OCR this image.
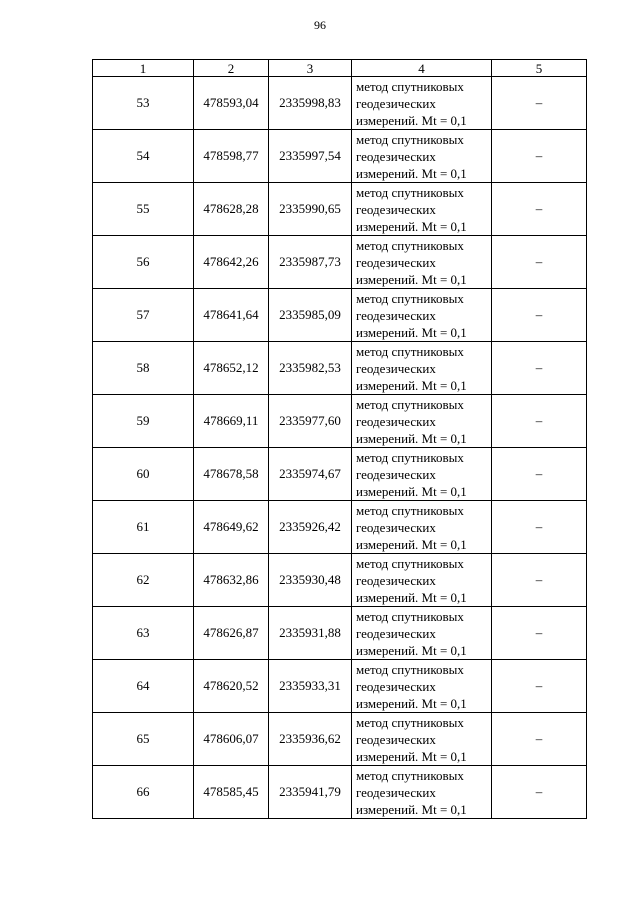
96
1	2	3	4	5
53	478593,04	2335998,83	метод спутниковых
геодезических
измерений. Mt = 0,1	–
54	478598,77	2335997,54	метод спутниковых
геодезических
измерений. Mt = 0,1	–
55	478628,28	2335990,65	метод спутниковых
геодезических
измерений. Mt = 0,1	–
56	478642,26	2335987,73	метод спутниковых
геодезических
измерений. Mt = 0,1	–
57	478641,64	2335985,09	метод спутниковых
геодезических
измерений. Mt = 0,1	–
58	478652,12	2335982,53	метод спутниковых
геодезических
измерений. Mt = 0,1	–
59	478669,11	2335977,60	метод спутниковых
геодезических
измерений. Mt = 0,1	–
60	478678,58	2335974,67	метод спутниковых
геодезических
измерений. Mt = 0,1	–
61	478649,62	2335926,42	метод спутниковых
геодезических
измерений. Mt = 0,1	–
62	478632,86	2335930,48	метод спутниковых
геодезических
измерений. Mt = 0,1	–
63	478626,87	2335931,88	метод спутниковых
геодезических
измерений. Mt = 0,1	–
64	478620,52	2335933,31	метод спутниковых
геодезических
измерений. Mt = 0,1	–
65	478606,07	2335936,62	метод спутниковых
геодезических
измерений. Mt = 0,1	–
66	478585,45	2335941,79	метод спутниковых
геодезических
измерений. Mt = 0,1	–
